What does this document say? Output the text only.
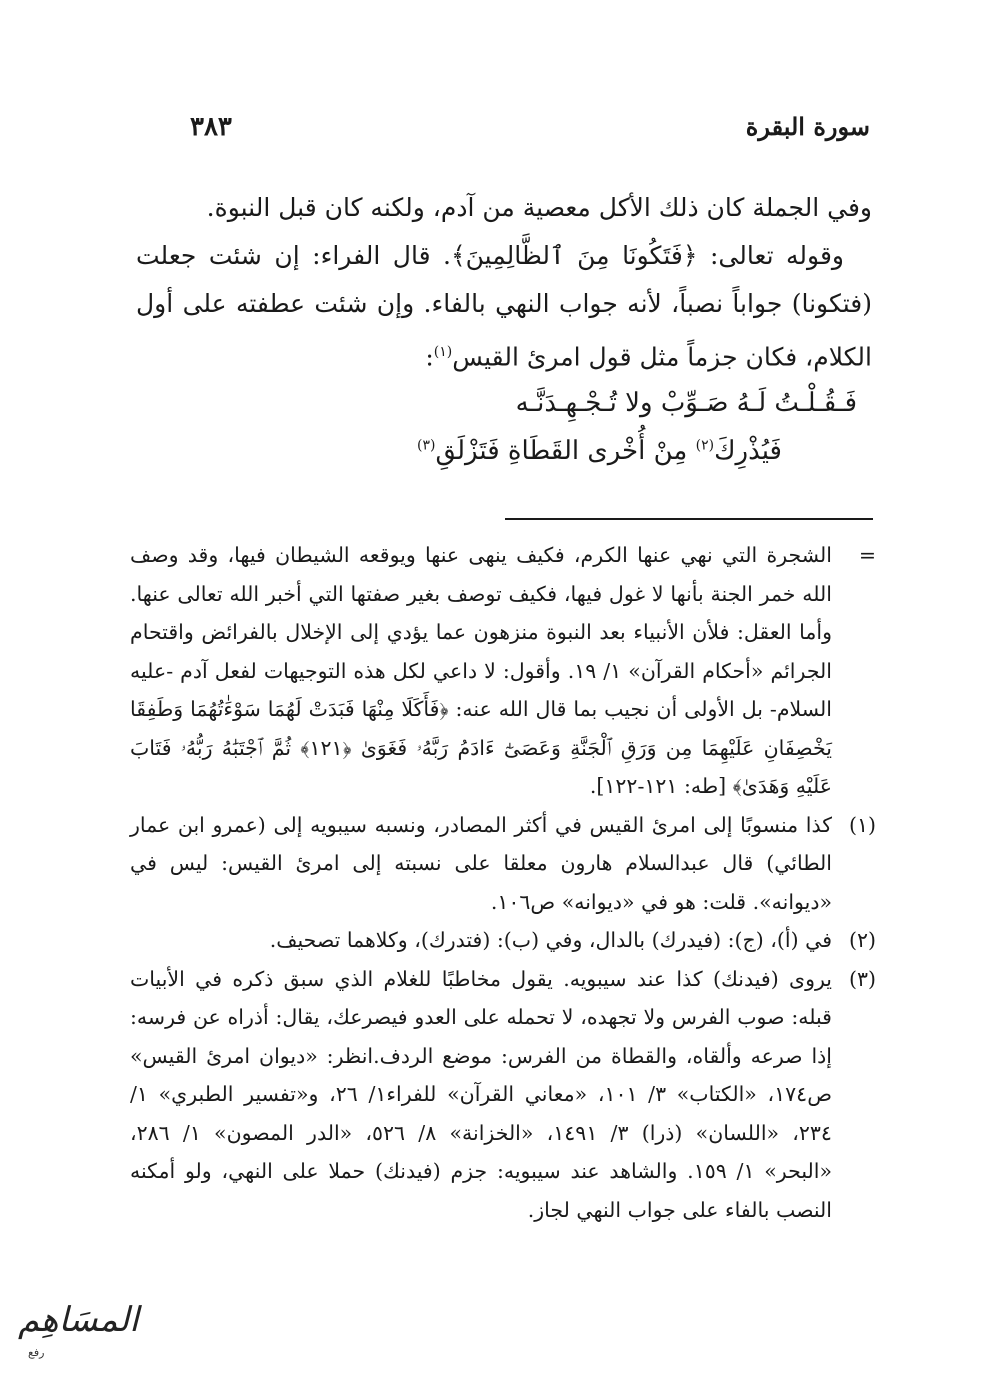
سورة البقرة
٣٨٣

وفي الجملة كان ذلك الأكل معصية من آدم، ولكنه كان قبل النبوة.

وقوله تعالى: ﴿فَتَكُونَا مِنَ ٱلظَّالِمِينَ﴾. قال الفراء: إن شئت جعلت (فتكونا) جواباً نصباً، لأنه جواب النهي بالفاء. وإن شئت عطفته على أول الكلام، فكان جزماً مثل قول امرئ القيس$^{(١)}$:

فَـقُـلْـتُ لَـهُ صَـوِّبْ ولا تُـجْـهِـدَنَّـه
فَيُذْرِكَ$^{(٢)}$ مِنْ أُخْرى القَطَاةِ فَتَزْلَقِ$^{(٣)}$
=
الشجرة التي نهي عنها الكرم، فكيف ينهى عنها ويوقعه الشيطان فيها، وقد وصف الله خمر الجنة بأنها لا غول فيها، فكيف توصف بغير صفتها التي أخبر الله تعالى عنها. وأما العقل: فلأن الأنبياء بعد النبوة منزهون عما يؤدي إلى الإخلال بالفرائض واقتحام الجرائم «أحكام القرآن» ١/ ١٩. وأقول: لا داعي لكل هذه التوجيهات لفعل آدم -عليه السلام- بل الأولى أن نجيب بما قال الله عنه: ﴿فَأَكَلَا مِنْهَا فَبَدَتْ لَهُمَا سَوْءَٰتُهُمَا وَطَفِقَا يَخْصِفَانِ عَلَيْهِمَا مِن وَرَقِ ٱلْجَنَّةِ وَعَصَىٰٓ ءَادَمُ رَبَّهُۥ فَغَوَىٰ ﴿١٢١﴾ ثُمَّ ٱجْتَبَٰهُ رَبُّهُۥ فَتَابَ عَلَيْهِ وَهَدَىٰ﴾ [طه: ١٢١-١٢٢].
(١)
كذا منسوبًا إلى امرئ القيس في أكثر المصادر، ونسبه سيبويه إلى (عمرو ابن عمار الطائي) قال عبدالسلام هارون معلقا على نسبته إلى امرئ القيس: ليس في «ديوانه». قلت: هو في «ديوانه» ص١٠٦.
(٢)
في (أ)، (ج): (فيدرك) بالدال، وفي (ب): (فتدرك)، وكلاهما تصحيف.
(٣)
يروى (فيدنك) كذا عند سيبويه. يقول مخاطبًا للغلام الذي سبق ذكره في الأبيات قبله: صوب الفرس ولا تجهده، لا تحمله على العدو فيصرعك، يقال: أذراه عن فرسه: إذا صرعه وألقاه، والقطاة من الفرس: موضع الردف.انظر: «ديوان امرئ القيس» ص١٧٤، «الكتاب» ٣/ ١٠١، «معاني القرآن» للفراء١/ ٢٦، و«تفسير الطبري» ١/ ٢٣٤، «اللسان» (ذرا) ٣/ ١٤٩١، «الخزانة» ٨/ ٥٢٦، «الدر المصون» ١/ ٢٨٦، «البحر» ١/ ١٥٩. والشاهد عند سيبويه: جزم (فيدنك) حملا على النهي، ولو أمكنه النصب بالفاء على جواب النهي لجاز.
المسَاهِم
رفع
